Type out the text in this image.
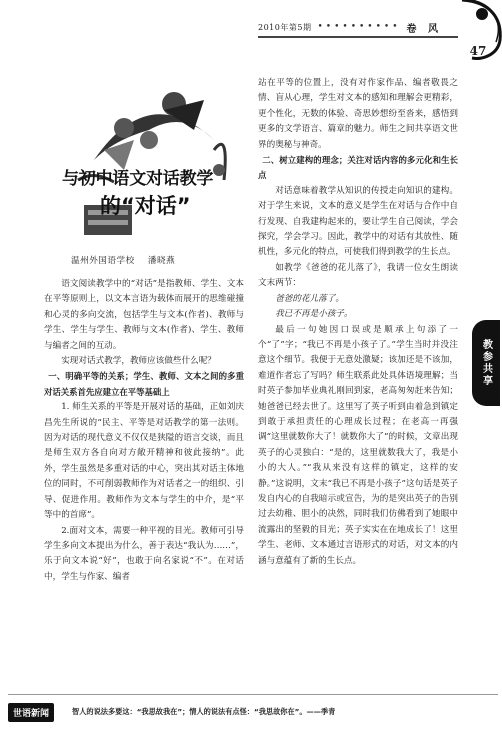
2010年第5期 •••••••••• 卷 风
47
与初中语文对话教学
的“对话”
温州外国语学校 潘晓燕

语文阅读教学中的“对话”是指教师、学生、文本在平等原则上，以文本言语为载体而展开的思维碰撞和心灵的多向交流，包括学生与文本(作者)、教师与学生、学生与学生、教师与文本(作者)、学生、教师与编者之间的互动。

实现对话式教学，教师应该做些什么呢？

一、明确平等的关系；学生、教师、文本之间的多重对话关系首先应建立在平等基础上

1. 师生关系的平等是开展对话的基础，正如刘庆昌先生所说的“民主、平等是对话教学的第一法则。因为对话的现代意义不仅仅是狭隘的语言交谈，而且是师生双方各自向对方敞开精神和彼此接纳”。此外，学生虽然是多重对话的中心，突出其对话主体地位的同时，不可削弱教师作为对话者之一的组织、引导、促进作用。教师作为文本与学生的中介，是“平等中的首席”。

2.面对文本，需要一种平视的目光。教师可引导学生多向文本提出为什么，善于表达“我认为……”，乐于向文本说“好”，也敢于向名家说“不”。在对话中，学生与作家、编者

站在平等的位置上，没有对作家作品、编者敬畏之情、盲从心理，学生对文本的感知和理解会更精彩，更个性化，无数的体验、奇思妙想纷至沓来，感悟到更多的文学语言、篇章的魅力。师生之间共享语文世界的奥秘与神奇。

二、树立建构的理念；关注对话内容的多元化和生长点

对话意味着教学从知识的传授走向知识的建构。对于学生来说，文本的意义是学生在对话与合作中自行发现、自我建构起来的，要让学生自己阅读，学会探究，学会学习。因此，教学中的对话有其放性、随机性，多元化的特点，可使我们得到教学的生长点。

如教学《爸爸的花儿落了》，我请一位女生朗读文末两节：

爸爸的花儿落了。

我已不再是小孩子。

最后一句她因口误或是顺承上句添了一个“了”字；“我已不再是小孩子了。”学生当时并没注意这个细节。我便于无意处激疑；该加还是不该加，难道作者忘了写吗？师生联系此处具体语境理解；当时英子参加毕业典礼刚回到家，老高匆匆赶来告知；她爸爸已经去世了。这里写了英子听到由着急到镇定到敢于承担责任的心理成长过程；在老高一再强调“这里就数你大了！就数你大了”的时候，文章出现英子的心灵独白：“是的，这里就数我大了，我是小小的大人。”“我从来没有这样的镇定，这样的安静。”这说明，文末“我已不再是小孩子”这句话是英子发自内心的自我暗示或宣告，为的是突出英子的告别过去幼稚、胆小的决然，同时我们仿佛看到了她眼中流露出的坚毅的目光；英子实实在在地成长了！这里学生、老师、文本通过言语形式的对话，对文本的内涵与意蕴有了新的生长点。

教参共享
世语新闻	智人的说法多要这：“我思故我在”；情人的说法有点怪：“我思故你在”。——季青
